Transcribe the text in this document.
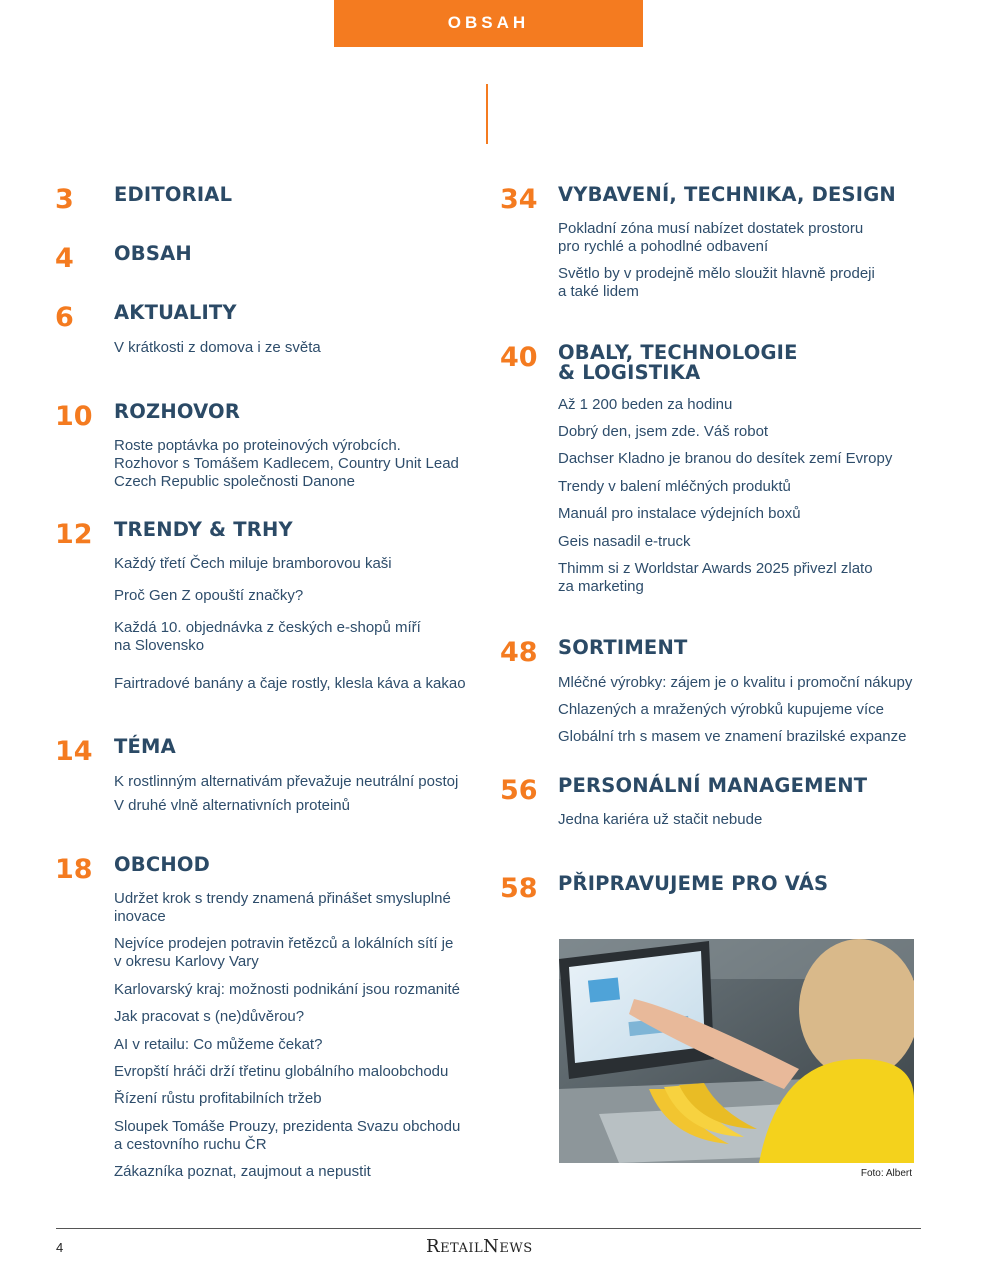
OBSAH
3 EDITORIAL
4 OBSAH
6 AKTUALITY
V krátkosti z domova i ze světa
10 ROZHOVOR
Roste poptávka po proteinových výrobcích.
Rozhovor s Tomášem Kadlecem, Country Unit Lead
Czech Republic společnosti Danone
12 TRENDY & TRHY
Každý třetí Čech miluje bramborovou kaši
Proč Gen Z opouští značky?
Každá 10. objednávka z českých e-shopů míří
na Slovensko
Fairtradové banány a čaje rostly, klesla káva a kakao
14 TÉMA
K rostlinným alternativám převažuje neutrální postoj
V druhé vlně alternativních proteinů
18 OBCHOD
Udržet krok s trendy znamená přinášet smysluplné
inovace
Nejvíce prodejen potravin řetězců a lokálních sítí je
v okresu Karlovy Vary
Karlovarský kraj: možnosti podnikání jsou rozmanité
Jak pracovat s (ne)důvěrou?
AI v retailu: Co můžeme čekat?
Evropští hráči drží třetinu globálního maloobchodu
Řízení růstu profitabilních tržeb
Sloupek Tomáše Prouzy, prezidenta Svazu obchodu
a cestovního ruchu ČR
Zákazníka poznat, zaujmout a nepustit
34 VYBAVENÍ, TECHNIKA, DESIGN
Pokladní zóna musí nabízet dostatek prostoru
pro rychlé a pohodlné odbavení
Světlo by v prodejně mělo sloužit hlavně prodeji
a také lidem
40 OBALY, TECHNOLOGIE
& LOGISTIKA
Až 1 200 beden za hodinu
Dobrý den, jsem zde. Váš robot
Dachser Kladno je branou do desítek zemí Evropy
Trendy v balení mléčných produktů
Manuál pro instalace výdejních boxů
Geis nasadil e-truck
Thimm si z Worldstar Awards 2025 přivezl zlato
za marketing
48 SORTIMENT
Mléčné výrobky: zájem je o kvalitu i promoční nákupy
Chlazených a mražených výrobků kupujeme více
Globální trh s masem ve znamení brazilské expanze
56 PERSONÁLNÍ MANAGEMENT
Jedna kariéra už stačit nebude
58 PŘIPRAVUJEME PRO VÁS
Foto: Albert
4	RETAILNEWS
